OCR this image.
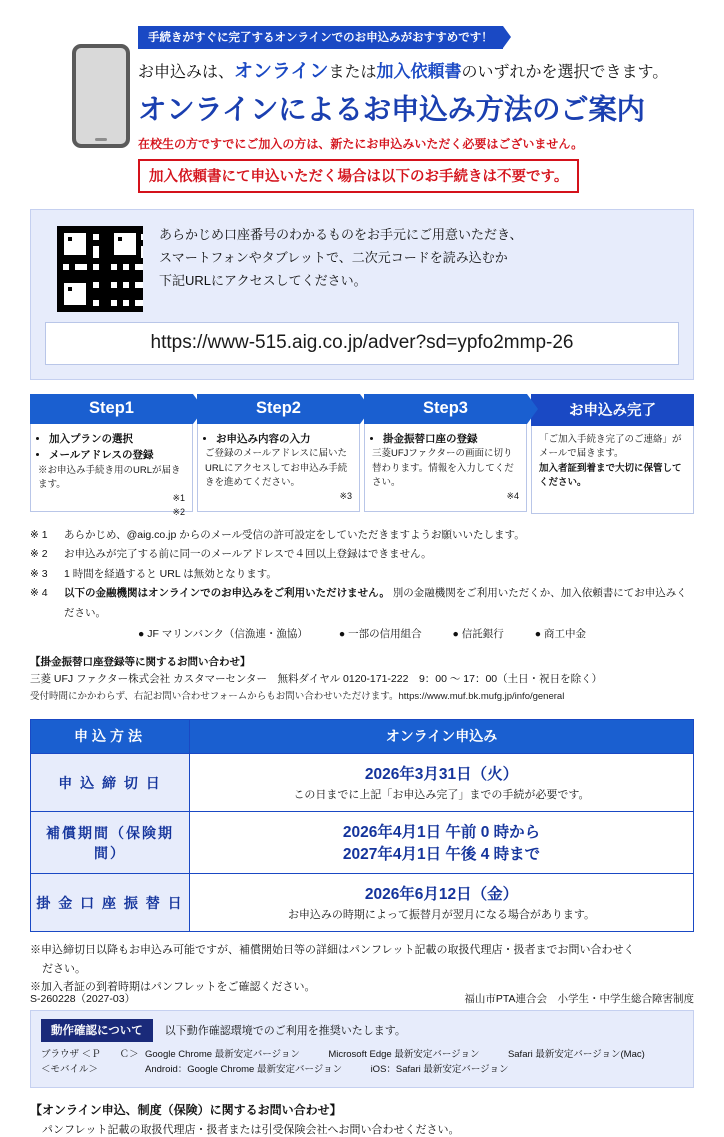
手続きがすぐに完了するオンラインでのお申込みがおすすめです！
お申込みは、オンラインまたは加入依頼書のいずれかを選択できます。
オンラインによるお申込み方法のご案内
在校生の方ですでにご加入の方は、新たにお申込みいただく必要はございません。
加入依頼書にて申込いただく場合は以下のお手続きは不要です。
あらかじめ口座番号のわかるものをお手元にご用意いただき、
スマートフォンやタブレットで、二次元コードを読み込むか
下記URLにアクセスしてください。
https://www-515.aig.co.jp/adver?sd=ypfo2mmp-26
Step1
• 加入プランの選択
• メールアドレスの登録
※お申込み手続き用のURLが届きます。
※1
※2
Step2
• お申込み内容の入力
ご登録のメールアドレスに届いたURLにアクセスしてお申込み手続きを進めてください。
※3
Step3
• 掛金振替口座の登録
三菱UFJファクターの画面に切り替わります。情報を入力してください。
※4
お申込み完了
「ご加入手続き完了のご連絡」がメールで届きます。
加入者証到着まで大切に保管してください。
※ 1	あらかじめ、@aig.co.jp からのメール受信の許可設定をしていただきますようお願いいたします。
※ 2	お申込みが完了する前に同一のメールアドレスで４回以上登録はできません。
※ 3	1 時間を経過すると URL は無効となります。
※ 4	以下の金融機関はオンラインでのお申込みをご利用いただけません。 別の金融機関をご利用いただくか、加入依頼書にてお申込みください。
● JF マリンバンク（信漁連・漁協）	● 一部の信用組合	● 信託銀行	● 商工中金
【掛金振替口座登録等に関するお問い合わせ】
三菱 UFJ ファクター株式会社 カスタマーセンター　無料ダイヤル 0120-171-222　9：00 ～ 17：00（土日・祝日を除く）
受付時間にかかわらず、右記お問い合わせフォームからもお問い合わせいただけます。https://www.muf.bk.mufg.jp/info/general
申込方法	オンライン申込み
申 込 締 切 日	2026年3月31日（火）
この日までに上記「お申込み完了」までの手続が必要です。

補償期間（保険期間）	2026年4月1日 午前 0 時から
2027年4月1日 午後 4 時まで

掛 金 口 座 振 替 日	2026年6月12日（金）
お申込みの時期によって振替月が翌月になる場合があります。
※申込締切日以降もお申込み可能ですが、補償開始日等の詳細はパンフレット記載の取扱代理店・扱者までお問い合わせく
ださい。
※加入者証の到着時期はパンフレットをご確認ください。
動作確認について	以下動作確認環境でのご利用を推奨いたします。
ブラウザ ＜Ｐ　　Ｃ＞ Google Chrome 最新安定バージョン　　　Microsoft Edge 最新安定バージョン　　　Safari 最新安定バージョン(Mac)
＜モバイル＞	Android：Google Chrome 最新安定バージョン　　　iOS：Safari 最新安定バージョン
【オンライン申込、制度（保険）に関するお問い合わせ】
パンフレット記載の取扱代理店・扱者または引受保険会社へお問い合わせください。
S-260228（2027-03）	福山市PTA連合会　小学生・中学生総合障害制度
